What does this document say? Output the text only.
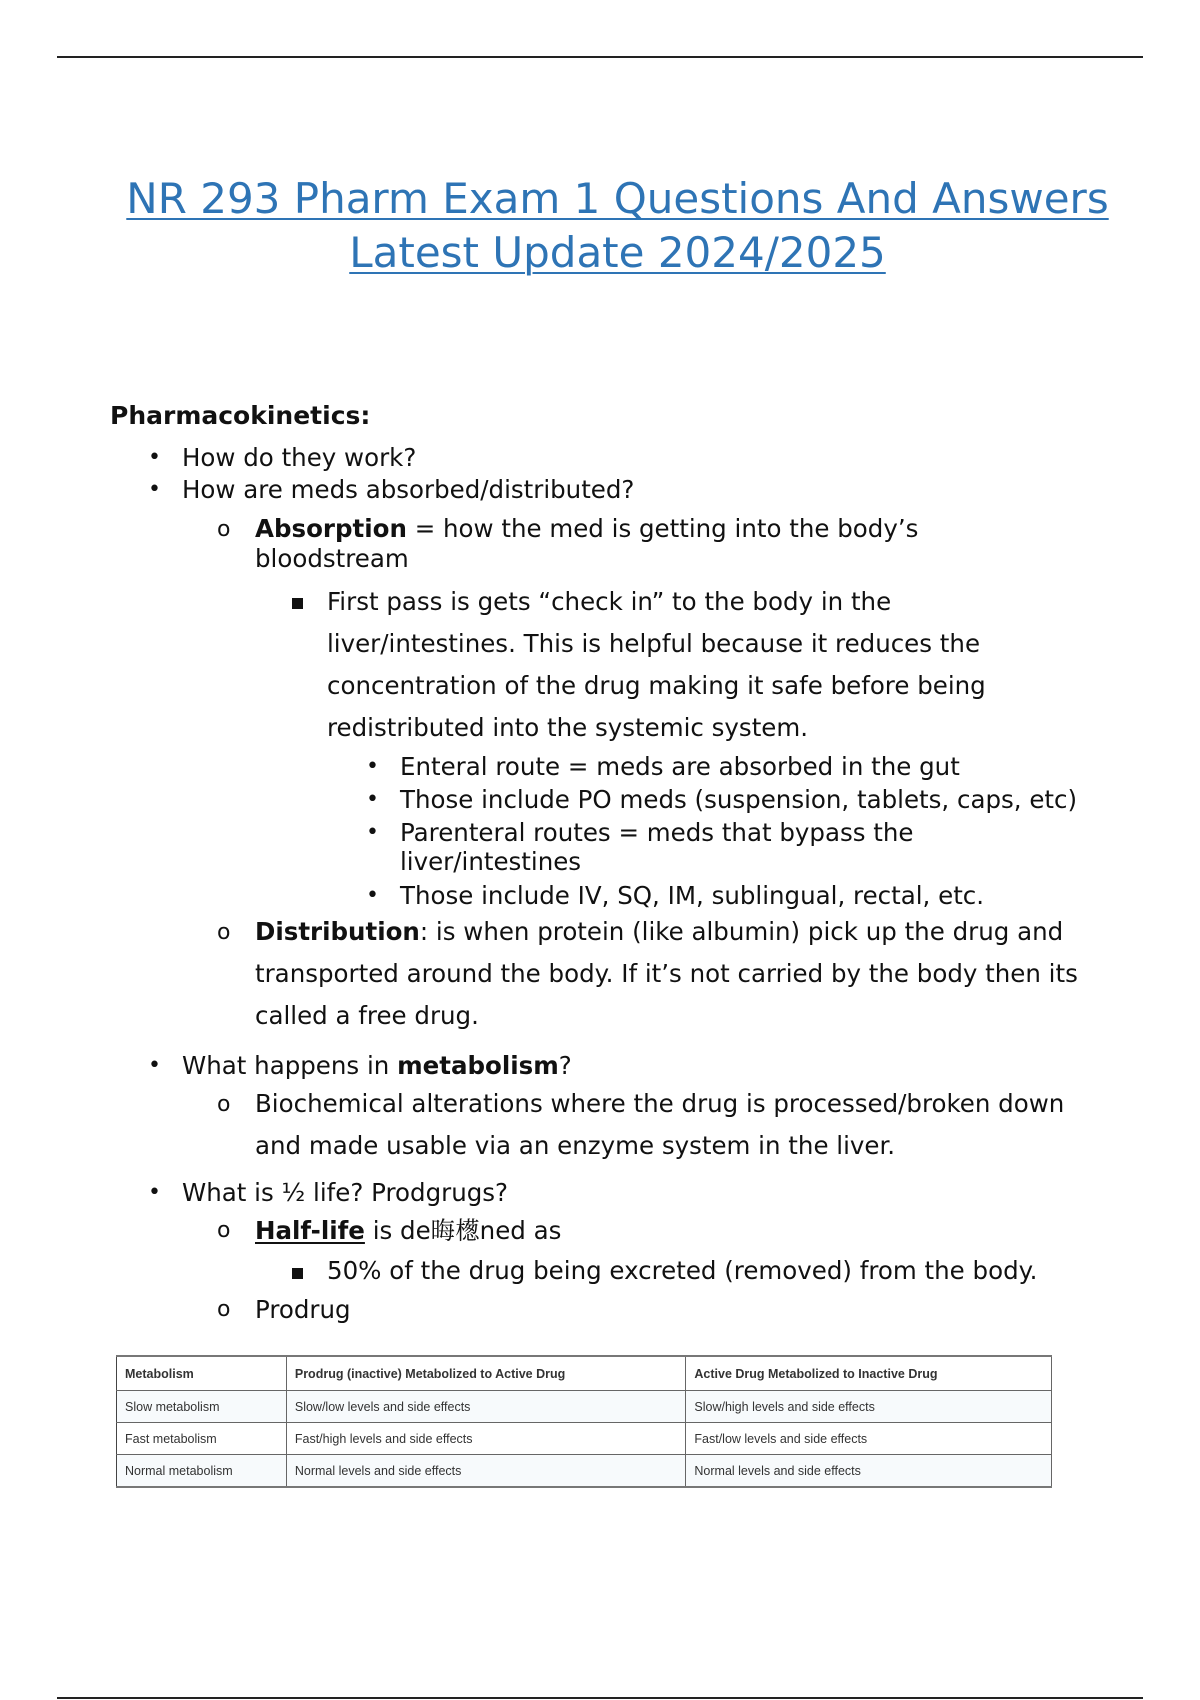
NR 293 Pharm Exam 1 Questions And Answers
Latest Update 2024/2025
Pharmacokinetics:
• How do they work?
• How are meds absorbed/distributed?
o Absorption = how the med is getting into the body’s bloodstream
First pass is gets “check in” to the body in the liver/intestines. This is helpful because it reduces the concentration of the drug making it safe before being redistributed into the systemic system.
• Enteral route = meds are absorbed in the gut
• Those include PO meds (suspension, tablets, caps, etc)
• Parenteral routes = meds that bypass the liver/intestines
• Those include IV, SQ, IM, sublingual, rectal, etc.
o Distribution: is when protein (like albumin) pick up the drug and transported around the body. If it’s not carried by the body then its called a free drug.
• What happens in metabolism?
o Biochemical alterations where the drug is processed/broken down and made usable via an enzyme system in the liver.
• What is ½ life? Prodgrugs?
o Half-life is de晦檧ned as
50% of the drug being excreted (removed) from the body.
o Prodrug
Metabolism	Prodrug (inactive) Metabolized to Active Drug	Active Drug Metabolized to Inactive Drug
Slow metabolism	Slow/low levels and side effects	Slow/high levels and side effects
Fast metabolism	Fast/high levels and side effects	Fast/low levels and side effects
Normal metabolism	Normal levels and side effects	Normal levels and side effects
